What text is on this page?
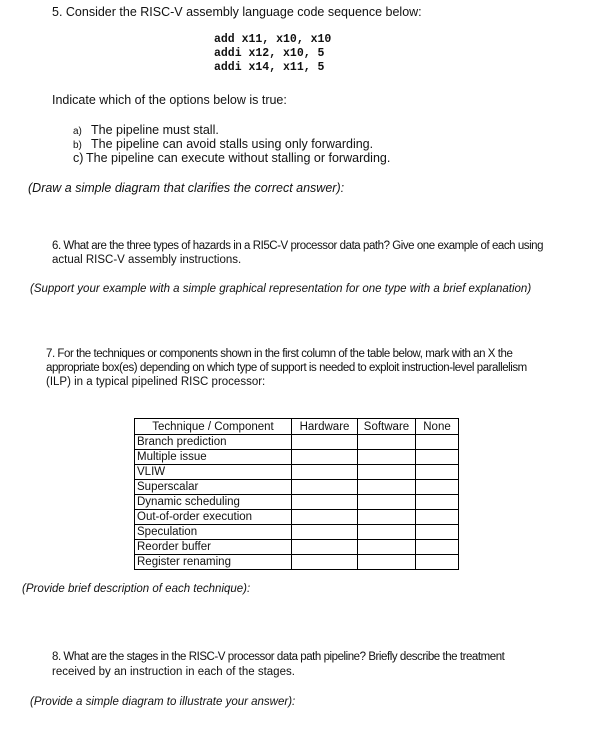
5. Consider the RISC-V assembly language code sequence below:
add x11, x10, x10
addi x12, x10, 5
addi x14, x11, 5
Indicate which of the options below is true:
a) The pipeline must stall.
b) The pipeline can avoid stalls using only forwarding.
c) The pipeline can execute without stalling or forwarding.
(Draw a simple diagram that clarifies the correct answer):
6. What are the three types of hazards in a RI5C-V processor data path? Give one example of each using
actual RISC-V assembly instructions.
(Support your example with a simple graphical representation for one type with a brief explanation)
7. For the techniques or components shown in the first column of the table below, mark with an X the
appropriate box(es) depending on which type of support is needed to exploit instruction-level parallelism
(ILP) in a typical pipelined RISC processor:
Technique / Component	Hardware	Software	None
Branch prediction			
Multiple issue			
VLIW			
Superscalar			
Dynamic scheduling			
Out-of-order execution			
Speculation			
Reorder buffer			
Register renaming			
(Provide brief description of each technique):
8. What are the stages in the RISC-V processor data path pipeline? Briefly describe the treatment
received by an instruction in each of the stages.
(Provide a simple diagram to illustrate your answer):
